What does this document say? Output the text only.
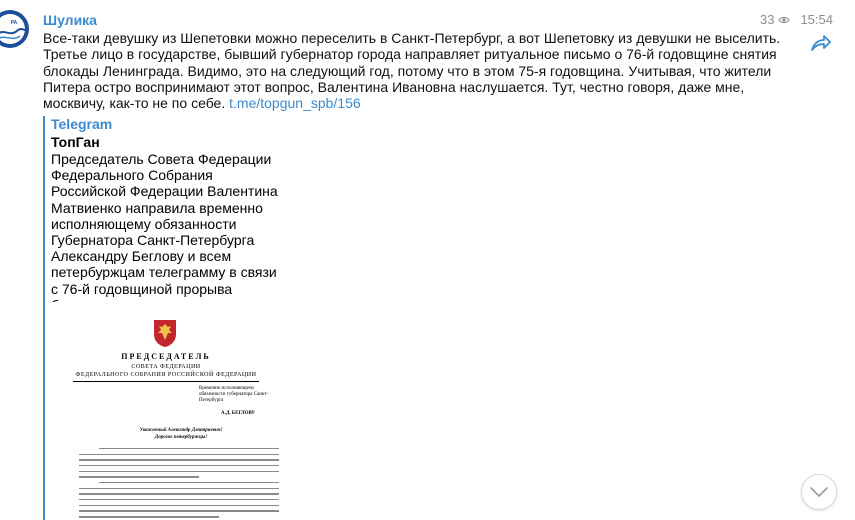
РА Шулика	33 15:54
Все-таки девушку из Шепетовки можно переселить в Санкт-Петербург, а вот Шепетовку из девушки не выселить. Третье лицо в государстве, бывший губернатор города направляет ритуальное письмо о 76-й годовщине снятия блокады Ленинграда. Видимо, это на следующий год, потому что в этом 75-я годовщина. Учитывая, что жители Питера остро воспринимают этот вопрос, Валентина Ивановна наслушается. Тут, честно говоря, даже мне, москвичу, как-то не по себе. t.me/topgun_spb/156
Telegram
ТопГан
Председатель Совета Федерации Федерального Собрания Российской Федерации Валентина Матвиенко направила временно исполняющему обязанности Губернатора Санкт-Петербурга Александру Беглову и всем петербуржцам телеграмму в связи с 76-й годовщиной прорыва
ПРЕДСЕДАТЕЛЬ
СОВЕТА ФЕДЕРАЦИИ
ФЕДЕРАЛЬНОГО СОБРАНИЯ РОССИЙСКОЙ ФЕДЕРАЦИИ
Временно исполняющему обязанности губернатора Санкт-Петербурга
А.Д. БЕГЛОВУ
Уважаемый Александр Дмитриевич!
Дорогие петербуржцы!
